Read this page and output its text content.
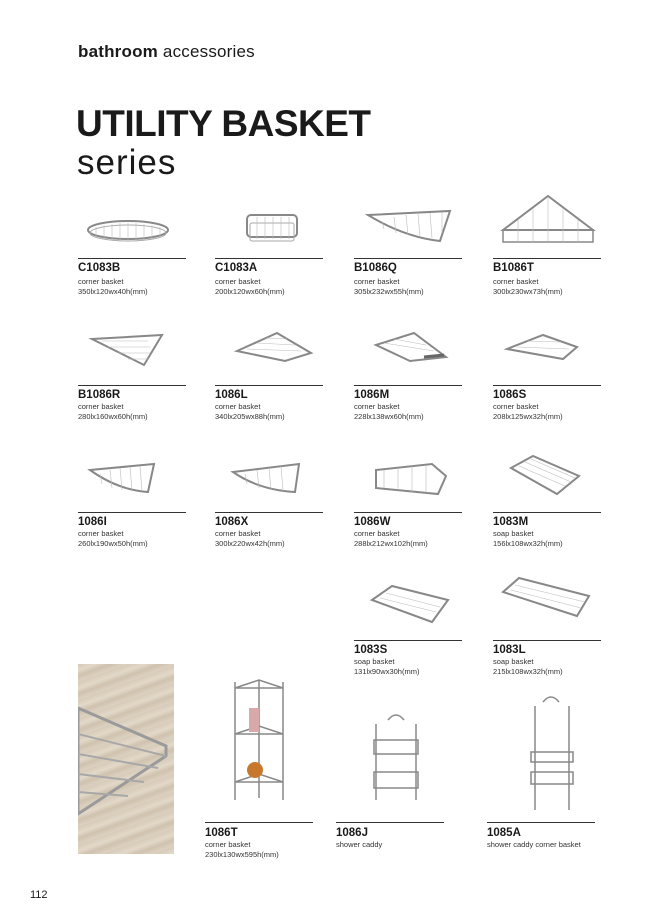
bathroom accessories
UTILITY BASKET
series
C1083B
corner basket
350lx120wx40h(mm)
C1083A
corner basket
200lx120wx60h(mm)
B1086Q
corner basket
305lx232wx55h(mm)
B1086T
corner basket
300lx230wx73h(mm)
B1086R
corner basket
280lx160wx60h(mm)
1086L
corner basket
340lx205wx88h(mm)
1086M
corner basket
228lx138wx60h(mm)
1086S
corner basket
208lx125wx32h(mm)
1086I
corner basket
260lx190wx50h(mm)
1086X
corner basket
300lx220wx42h(mm)
1086W
corner basket
288lx212wx102h(mm)
1083M
soap basket
156lx108wx32h(mm)
1083S
soap basket
131lx90wx30h(mm)
1083L
soap basket
215lx108wx32h(mm)
1086T
corner basket
230lx130wx595h(mm)
1086J
shower caddy
1085A
shower caddy corner basket
112
